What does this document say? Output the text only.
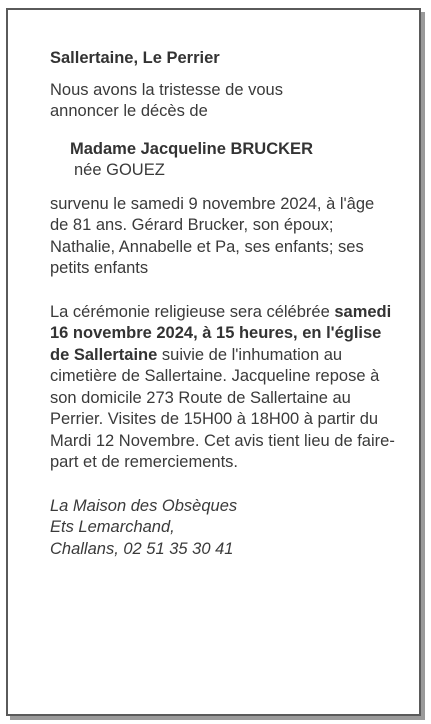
Sallertaine, Le Perrier

Nous avons la tristesse de vous annoncer le décès de

Madame Jacqueline BRUCKER
née GOUEZ

survenu le samedi 9 novembre 2024, à l'âge de 81 ans. Gérard Brucker, son époux; Nathalie, Annabelle et Pa, ses enfants; ses petits enfants

La cérémonie religieuse sera célébrée samedi 16 novembre 2024, à 15 heures, en l'église de Sallertaine suivie de l'inhumation au cimetière de Sallertaine. Jacqueline repose à son domicile 273 Route de Sallertaine au Perrier. Visites de 15H00 à 18H00 à partir du Mardi 12 Novembre. Cet avis tient lieu de faire-part et de remerciements.

La Maison des Obsèques
Ets Lemarchand,
Challans, 02 51 35 30 41
